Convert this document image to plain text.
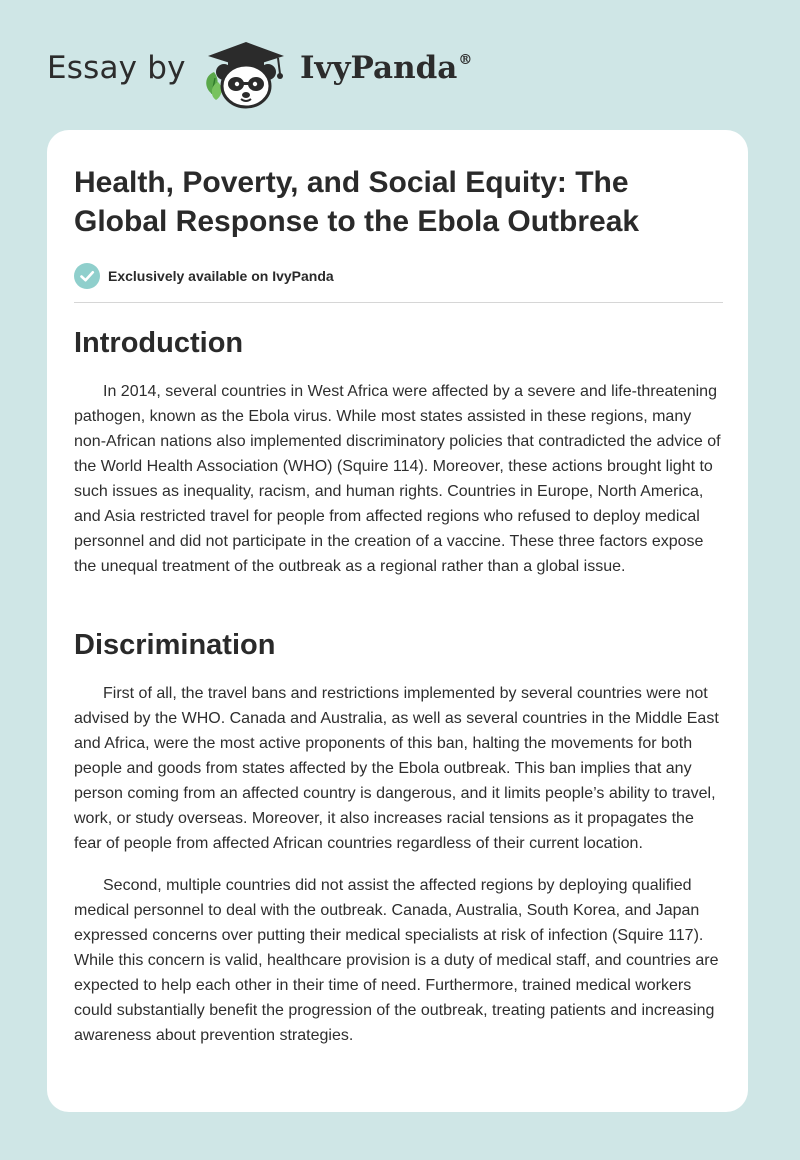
Essay by	IvyPanda®
Health, Poverty, and Social Equity: The Global Response to the Ebola Outbreak
Exclusively available on IvyPanda
Introduction

In 2014, several countries in West Africa were affected by a severe and life-threatening pathogen, known as the Ebola virus. While most states assisted in these regions, many non-African nations also implemented discriminatory policies that contradicted the advice of the World Health Association (WHO) (Squire 114). Moreover, these actions brought light to such issues as inequality, racism, and human rights. Countries in Europe, North America, and Asia restricted travel for people from affected regions who refused to deploy medical personnel and did not participate in the creation of a vaccine. These three factors expose the unequal treatment of the outbreak as a regional rather than a global issue.

Discrimination

First of all, the travel bans and restrictions implemented by several countries were not advised by the WHO. Canada and Australia, as well as several countries in the Middle East and Africa, were the most active proponents of this ban, halting the movements for both people and goods from states affected by the Ebola outbreak. This ban implies that any person coming from an affected country is dangerous, and it limits people’s ability to travel, work, or study overseas. Moreover, it also increases racial tensions as it propagates the fear of people from affected African countries regardless of their current location.

Second, multiple countries did not assist the affected regions by deploying qualified medical personnel to deal with the outbreak. Canada, Australia, South Korea, and Japan expressed concerns over putting their medical specialists at risk of infection (Squire 117). While this concern is valid, healthcare provision is a duty of medical staff, and countries are expected to help each other in their time of need. Furthermore, trained medical workers could substantially benefit the progression of the outbreak, treating patients and increasing awareness about prevention strategies.
